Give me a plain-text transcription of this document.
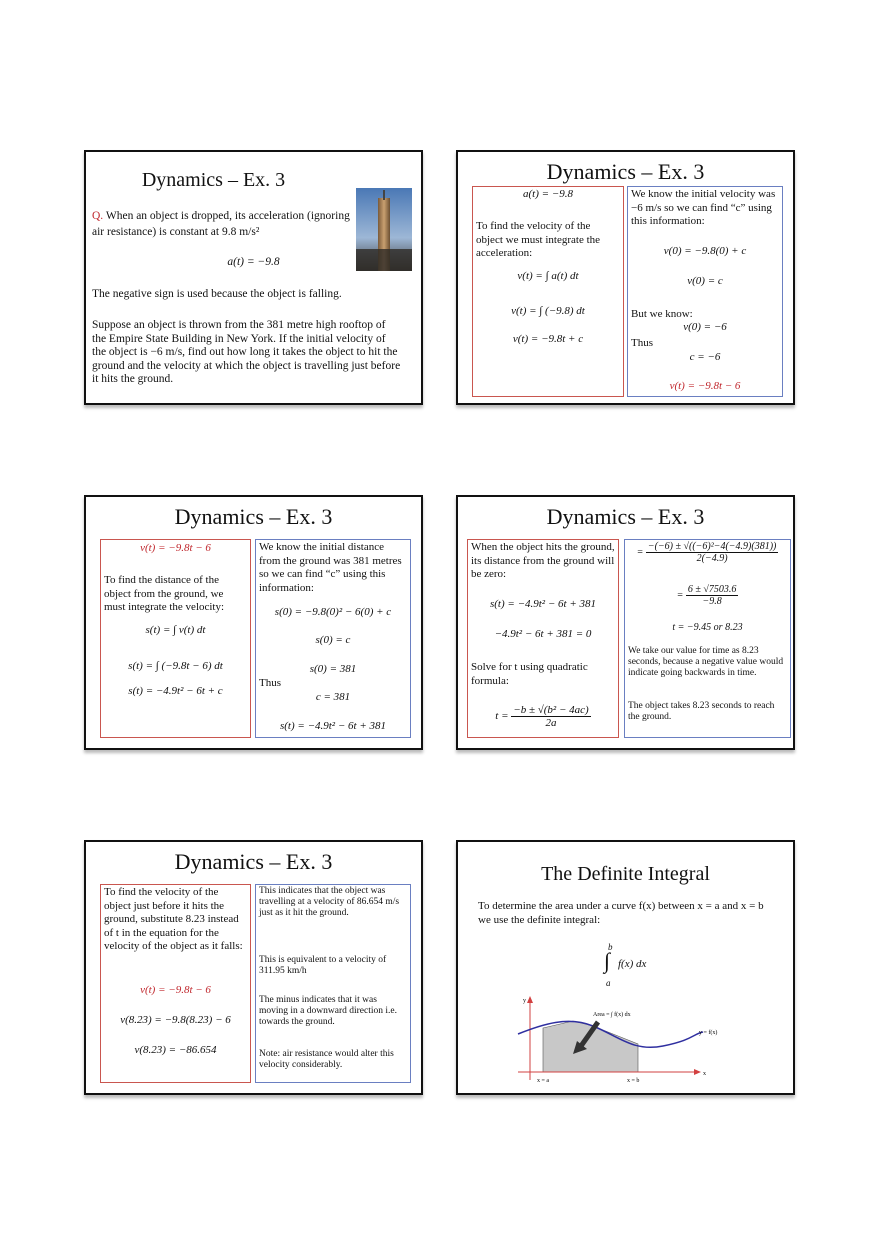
Dynamics – Ex. 3
Q. When an object is dropped, its acceleration (ignoring air resistance) is constant at 9.8 m/s²
a(t) = −9.8
The negative sign is used because the object is falling.
Suppose an object is thrown from the 381 metre high rooftop of the Empire State Building in New York. If the initial velocity of the object is −6 m/s, find out how long it takes the object to hit the ground and the velocity at which the object is travelling just before it hits the ground.
Dynamics – Ex. 3
a(t) = −9.8
To find the velocity of the object we must integrate the acceleration:
v(t) = ∫ a(t) dt
v(t) = ∫ (−9.8) dt
v(t) = −9.8t + c
We know the initial velocity was −6 m/s so we can find “c” using this information:
v(0) = −9.8(0) + c
v(0) = c
But we know:
v(0) = −6
Thus
c = −6
v(t) = −9.8t − 6
Dynamics – Ex. 3
v(t) = −9.8t − 6
To find the distance of the object from the ground, we must integrate the velocity:
s(t) = ∫ v(t) dt
s(t) = ∫ (−9.8t − 6) dt
s(t) = −4.9t² − 6t + c
We know the initial distance from the ground was 381 metres so we can find “c” using this information:
s(0) = −9.8(0)² − 6(0) + c
s(0) = c
s(0) = 381
Thus
c = 381
s(t) = −4.9t² − 6t + 381
Dynamics – Ex. 3
When the object hits the ground, its distance from the ground will be zero:
s(t) = −4.9t² − 6t + 381
−4.9t² − 6t + 381 = 0
Solve for t using quadratic formula:
$t = \frac{\text{−b ± √(b² − 4ac)}}{2a}$
= $\frac{\text{−(−6) ± √((−6)²−4(−4.9)(381))}}{2(-4.9)}$
= $\frac{6 \pm √7503.6}{-9.8}$
t = −9.45 or 8.23
We take our value for time as 8.23 seconds, because a negative value would indicate going backwards in time.
The object takes 8.23 seconds to reach the ground.
Dynamics – Ex. 3
To find the velocity of the object just before it hits the ground, substitute 8.23 instead of t in the equation for the velocity of the object as it falls:
v(t) = −9.8t − 6
v(8.23) = −9.8(8.23) − 6
v(8.23) = −86.654
This indicates that the object was travelling at a velocity of 86.654 m/s just as it hit the ground.
This is equivalent to a velocity of 311.95 km/h
The minus indicates that it was moving in a downward direction i.e. towards the ground.
Note: air resistance would alter this velocity considerably.
The Definite Integral
To determine the area under a curve f(x) between x = a and x = b we use the definite integral:
b
∫
a
f(x) dx
y
x
Area = ∫ f(x) dx
y = f(x)
x = a	x = b
